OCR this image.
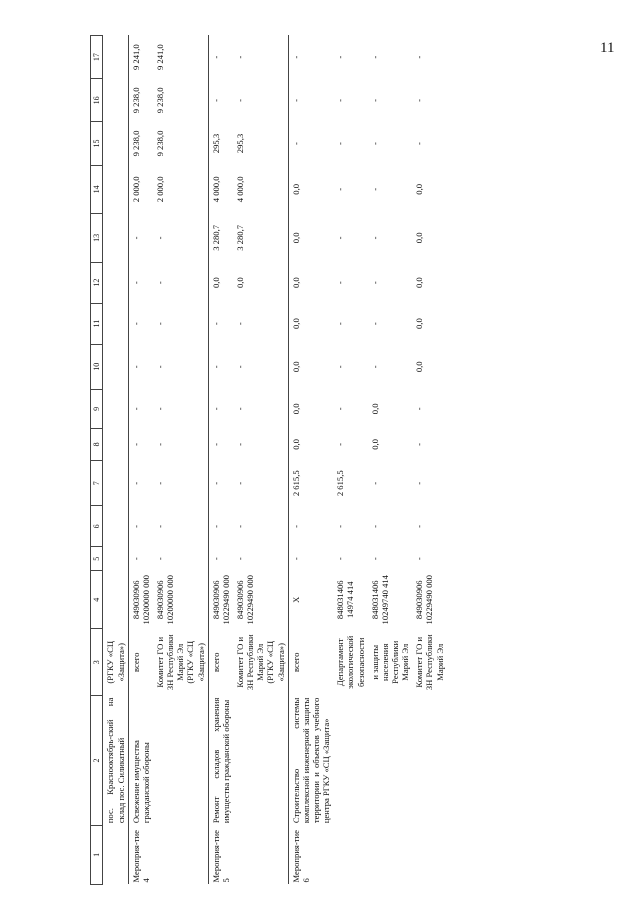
11
1	2	3	4	5	6	7	8	9	10	11	12	13	14	15	16	17
	пос. Краснооктябрь-ский на склад пос. Силикатный	(РГКУ «СЦ «Защита»)														
Мероприя-тие 4	Освежение имущества гражданской обороны	всего	849030906 10200000 000	-	-	-	-	-	-	-	-	-	2 000,0	9 238,0	9 238,0	9 241,0
		Комитет ГО и ЗН Республики Марий Эл (РГКУ «СЦ «Защита»)	849030906 10200000 000	-	-	-	-	-	-	-	-	-	2 000,0	9 238,0	9 238,0	9 241,0
Мероприя-тие 5	Ремонт складов хранения имущества гражданской обороны	всего	849030906 10229490 000	-	-	-	-	-	-	-	0,0	3 280,7	4 000,0	295,3	-	-
		Комитет ГО и ЗН Республики Марий Эл (РГКУ «СЦ «Защита»)	849030906 10229490 000	-	-	-	-	-	-	-	0,0	3 280,7	4 000,0	295,3	-	-
Мероприя-тие 6	Строительство системы комплексной инженерной защиты территории и объектов учебного центра РГКУ «СЦ «Защита»	всего	X	-	-	2 615,5	0,0	0,0	0,0	0,0	0,0	0,0	0,0	-	-	-
		Департамент экологической безопасности	848031406 14974 414	-	-	2 615,5	-	-	-	-	-	-	-	-	-	-
		и защиты населения Республики Марий Эл	848031406 10249740 414	-	-	-	0,0	0,0	-	-	-	-	-	-	-	-
		Комитет ГО и ЗН Республики Марий Эл	849030906 10229490 000	-	-	-	-	-	0,0	0,0	0,0	0,0	0,0	-	-	-
